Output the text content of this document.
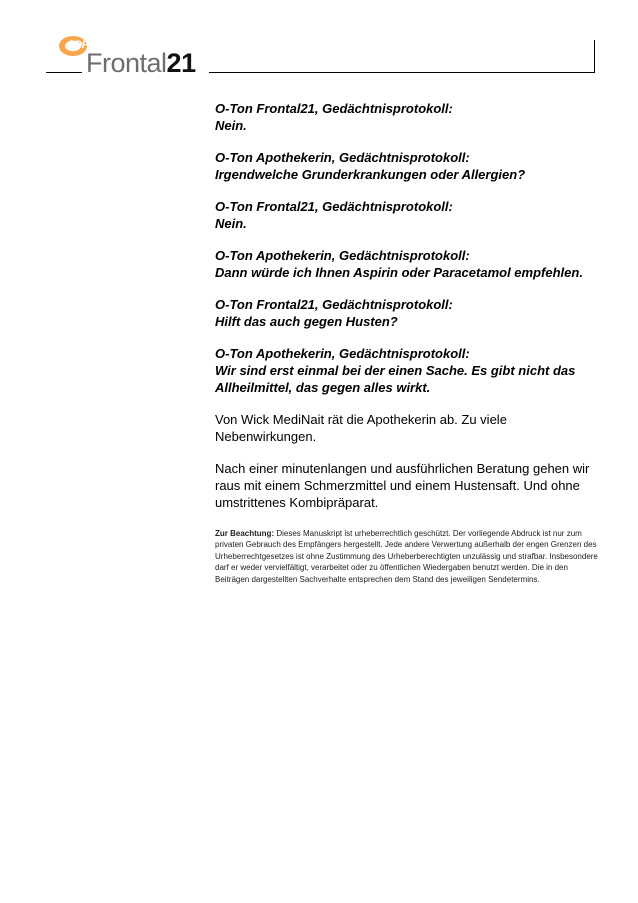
ZDF
Frontal21
O-Ton Frontal21, Gedächtnisprotokoll:
Nein.
O-Ton Apothekerin, Gedächtnisprotokoll:
Irgendwelche Grunderkrankungen oder Allergien?
O-Ton Frontal21, Gedächtnisprotokoll:
Nein.
O-Ton Apothekerin, Gedächtnisprotokoll:
Dann würde ich Ihnen Aspirin oder Paracetamol empfehlen.
O-Ton Frontal21, Gedächtnisprotokoll:
Hilft das auch gegen Husten?
O-Ton Apothekerin, Gedächtnisprotokoll:
Wir sind erst einmal bei der einen Sache. Es gibt nicht das Allheilmittel, das gegen alles wirkt.

Von Wick MediNait rät die Apothekerin ab. Zu viele Nebenwirkungen.

Nach einer minutenlangen und ausführlichen Beratung gehen wir raus mit einem Schmerzmittel und einem Hustensaft. Und ohne umstrittenes Kombipräparat.

Zur Beachtung: Dieses Manuskript ist urheberrechtlich geschützt. Der vorliegende Abdruck ist nur zum privaten Gebrauch des Empfängers hergestellt. Jede andere Verwertung außerhalb der engen Grenzen des Urheberrechtgesetzes ist ohne Zustimmung des Urheberberechtigten unzulässig und strafbar. Insbesondere darf er weder vervielfältigt, verarbeitet oder zu öffentlichen Wiedergaben benutzt werden. Die in den Beiträgen dargestellten Sachverhalte entsprechen dem Stand des jeweiligen Sendetermins.
